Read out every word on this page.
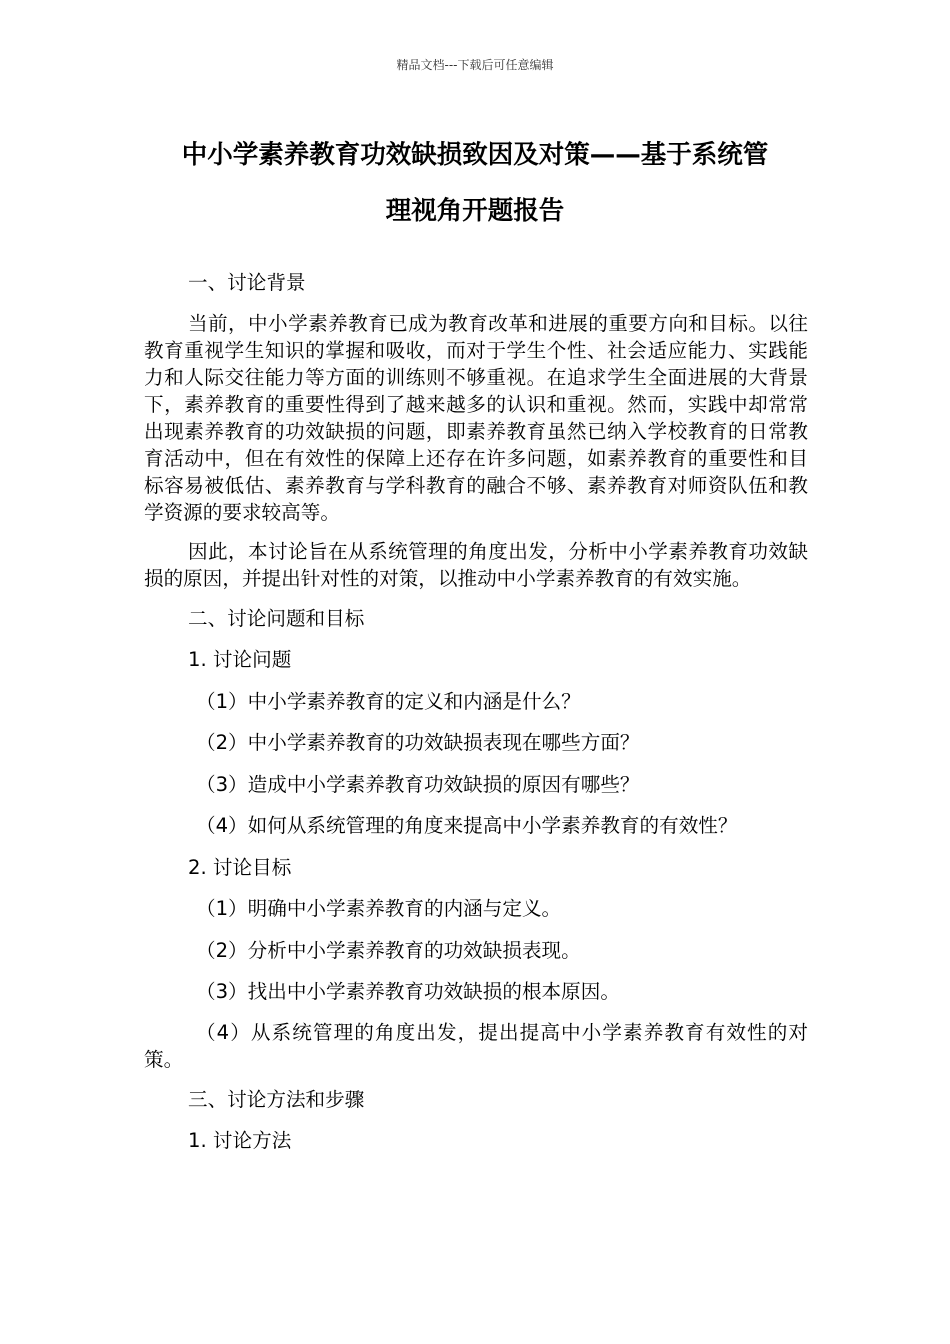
精品文档---下载后可任意编辑
中小学素养教育功效缺损致因及对策——基于系统管
理视角开题报告

一、讨论背景

当前，中小学素养教育已成为教育改革和进展的重要方向和目标。以往教育重视学生知识的掌握和吸收，而对于学生个性、社会适应能力、实践能力和人际交往能力等方面的训练则不够重视。在追求学生全面进展的大背景下，素养教育的重要性得到了越来越多的认识和重视。然而，实践中却常常出现素养教育的功效缺损的问题，即素养教育虽然已纳入学校教育的日常教育活动中，但在有效性的保障上还存在许多问题，如素养教育的重要性和目标容易被低估、素养教育与学科教育的融合不够、素养教育对师资队伍和教学资源的要求较高等。

因此，本讨论旨在从系统管理的角度出发，分析中小学素养教育功效缺损的原因，并提出针对性的对策，以推动中小学素养教育的有效实施。

二、讨论问题和目标

1. 讨论问题

（1）中小学素养教育的定义和内涵是什么？

（2）中小学素养教育的功效缺损表现在哪些方面？

（3）造成中小学素养教育功效缺损的原因有哪些？

（4）如何从系统管理的角度来提高中小学素养教育的有效性？

2. 讨论目标

（1）明确中小学素养教育的内涵与定义。

（2）分析中小学素养教育的功效缺损表现。

（3）找出中小学素养教育功效缺损的根本原因。

（4）从系统管理的角度出发，提出提高中小学素养教育有效性的对策。

三、讨论方法和步骤

1. 讨论方法
